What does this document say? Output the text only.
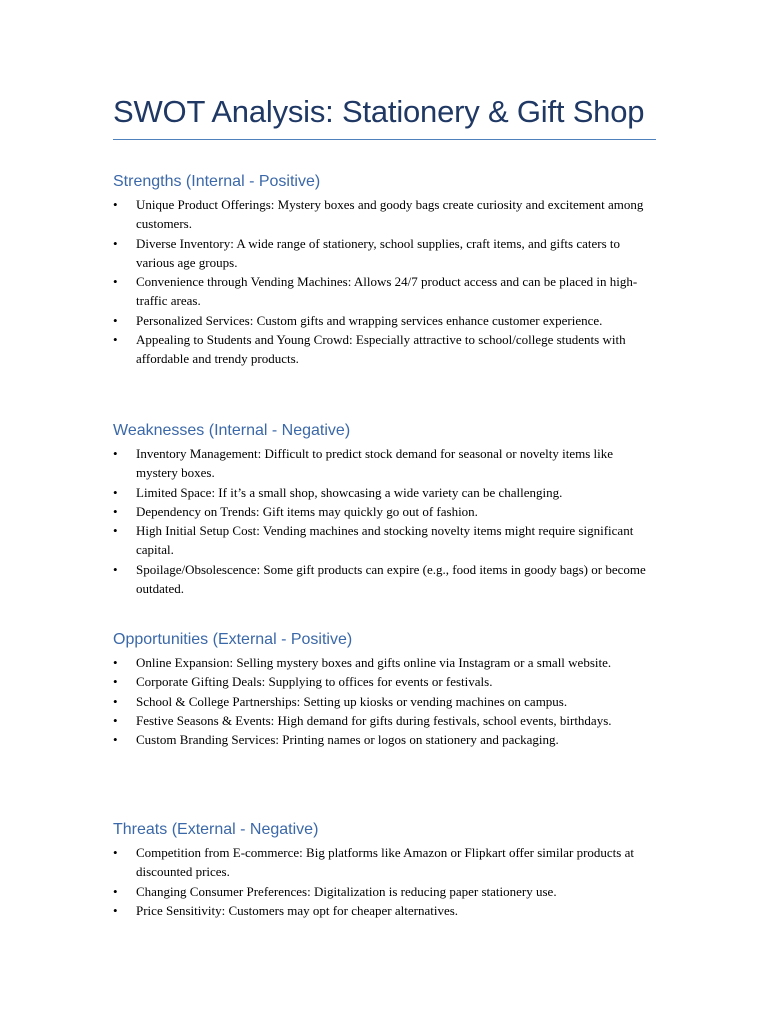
SWOT Analysis: Stationery & Gift Shop
Strengths (Internal - Positive)
• Unique Product Offerings: Mystery boxes and goody bags create curiosity and excitement among customers.
• Diverse Inventory: A wide range of stationery, school supplies, craft items, and gifts caters to various age groups.
• Convenience through Vending Machines: Allows 24/7 product access and can be placed in high-traffic areas.
• Personalized Services: Custom gifts and wrapping services enhance customer experience.
• Appealing to Students and Young Crowd: Especially attractive to school/college students with affordable and trendy products.
Weaknesses (Internal - Negative)
• Inventory Management: Difficult to predict stock demand for seasonal or novelty items like mystery boxes.
• Limited Space: If it’s a small shop, showcasing a wide variety can be challenging.
• Dependency on Trends: Gift items may quickly go out of fashion.
• High Initial Setup Cost: Vending machines and stocking novelty items might require significant capital.
• Spoilage/Obsolescence: Some gift products can expire (e.g., food items in goody bags) or become outdated.
Opportunities (External - Positive)
• Online Expansion: Selling mystery boxes and gifts online via Instagram or a small website.
• Corporate Gifting Deals: Supplying to offices for events or festivals.
• School & College Partnerships: Setting up kiosks or vending machines on campus.
• Festive Seasons & Events: High demand for gifts during festivals, school events, birthdays.
• Custom Branding Services: Printing names or logos on stationery and packaging.
Threats (External - Negative)
• Competition from E-commerce: Big platforms like Amazon or Flipkart offer similar products at discounted prices.
• Changing Consumer Preferences: Digitalization is reducing paper stationery use.
• Price Sensitivity: Customers may opt for cheaper alternatives.
